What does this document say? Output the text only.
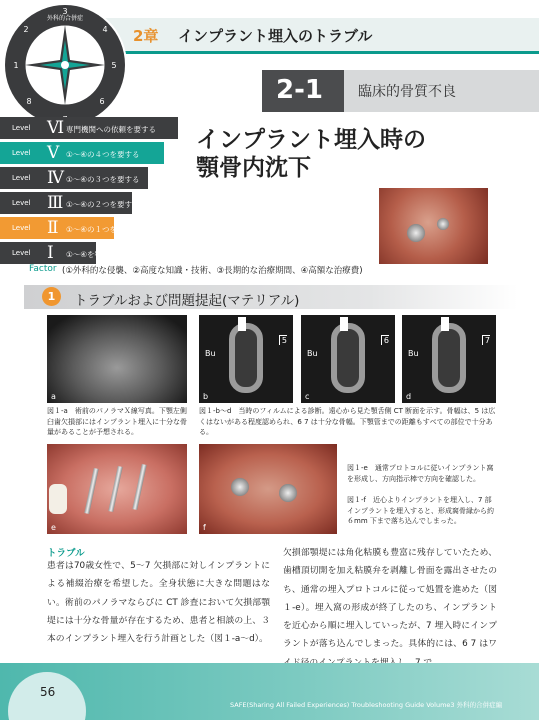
2章 インプラント埋入のトラブル
外科的合併症
3
4
5
6
8
1
2
2-1	臨床的骨質不良
Level Ⅵ 専門機関への依頼を要する
Level Ⅴ ①〜④の４つを要する
Level Ⅳ ①〜④の３つを要する
Level Ⅲ ①〜④の２つを要する
Level Ⅱ ①〜④の１つを要する
Level Ⅰ ①〜④を特に要さない
インプラント埋入時の
顎骨内沈下
Factor (①外科的な侵襲、②高度な知識・技術、③長期的な治療期間、④高額な治療費)
1	トラブルおよび問題提起(マテリアル)
a
5
Bu
b
6
Bu
c
7
Bu
d
図１-a　術前のパノラマＸ線写真。下顎左側臼歯欠損部にはインプラント埋入に十分な骨量があることが予想される。
図１-b〜d　当時のフィルムによる診断。遠心から見た顎舌側 CT 断面を示す。骨幅は、5 は広くはないがある程度認められ、6 7 は十分な骨幅。下顎管までの距離もすべての部位で十分ある。
e	f
図１-e　通常プロトコルに従いインプラント窩を形成し、方向指示棒で方向を確認した。
図１-f　近心よりインプラントを埋入し、7 部インプラントを埋入すると、形成窩骨縁から約６mm 下まで落ち込んでしまった。
トラブル
患者は70歳女性で、5〜7 欠損部に対しインプラントによる補綴治療を希望した。全身状態に大きな問題はない。術前のパノラマならびに CT 診査において欠損部顎堤には十分な骨量が存在するため、患者と相談の上、３本のインプラント埋入を行う計画とした（図１-a〜d）。
欠損部顎堤には角化粘膜も豊富に残存していたため、歯槽頂切開を加え粘膜弁を剥離し骨面を露出させたのち、通常の埋入プロトコルに従って処置を進めた（図１-e）。埋入窩の形成が終了したのち、インプラントを近心から順に埋入していったが、7 埋入時にインプラントが落ち込んでしまった。具体的には、6 7 はワ
56
SAFE(Sharing All Failed Experiences) Troubleshooting Guide Volume3 外科的合併症編
